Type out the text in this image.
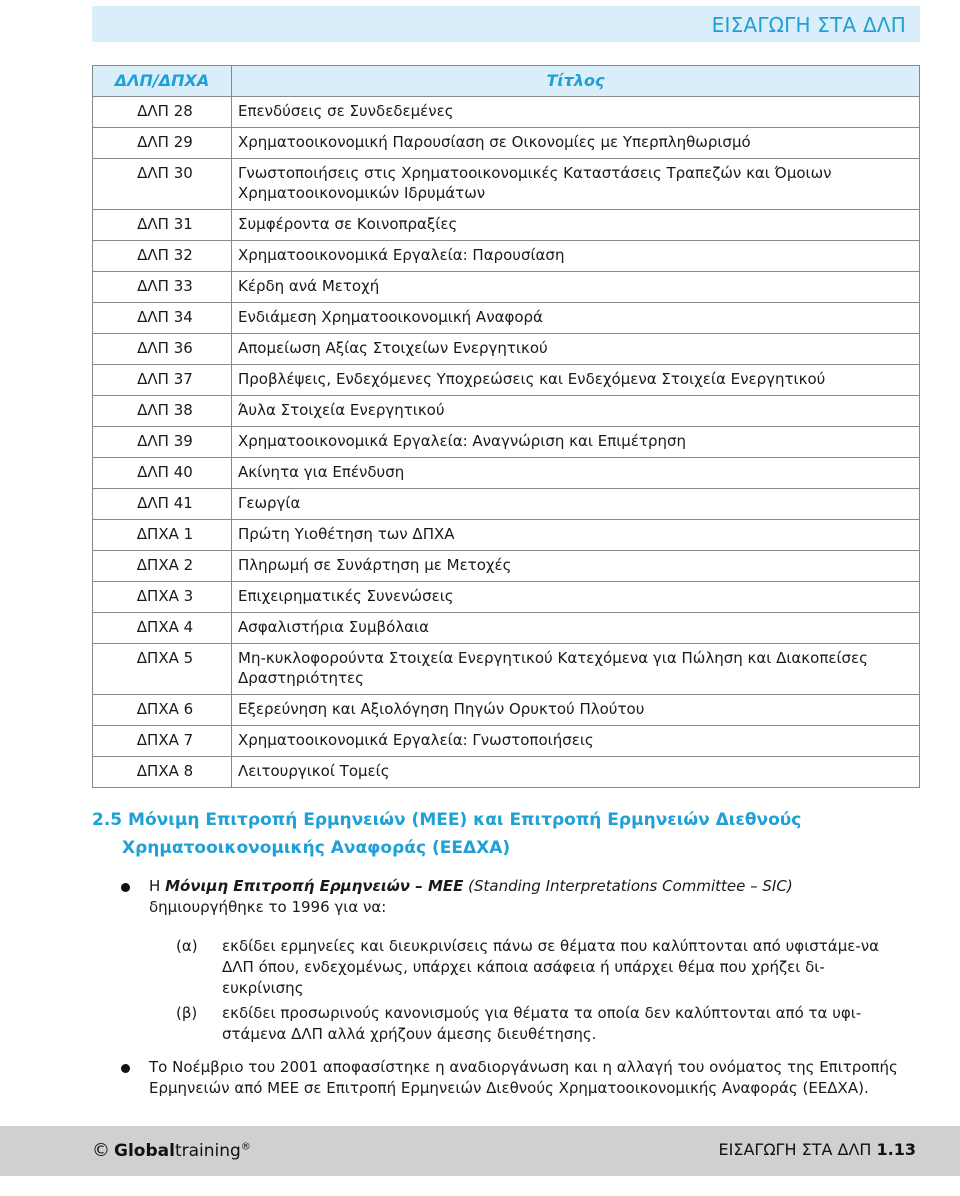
ΕΙΣΑΓΩΓΗ ΣΤΑ ΔΛΠ
ΔΛΠ/ΔΠΧΑ	Τίτλος
ΔΛΠ 28	Επενδύσεις σε Συνδεδεμένες
ΔΛΠ 29	Χρηματοοικονομική Παρουσίαση σε Οικονομίες με Υπερπληθωρισμό
ΔΛΠ 30	Γνωστοποιήσεις στις Χρηματοοικονομικές Καταστάσεις Τραπεζών και Όμοιων Χρηματοοικονομικών Ιδρυμάτων
ΔΛΠ 31	Συμφέροντα σε Κοινοπραξίες
ΔΛΠ 32	Χρηματοοικονομικά Εργαλεία: Παρουσίαση
ΔΛΠ 33	Κέρδη ανά Μετοχή
ΔΛΠ 34	Ενδιάμεση Χρηματοοικονομική Αναφορά
ΔΛΠ 36	Απομείωση Αξίας Στοιχείων Ενεργητικού
ΔΛΠ 37	Προβλέψεις, Ενδεχόμενες Υποχρεώσεις και Ενδεχόμενα Στοιχεία Ενεργητικού
ΔΛΠ 38	Άυλα Στοιχεία Ενεργητικού
ΔΛΠ 39	Χρηματοοικονομικά Εργαλεία: Αναγνώριση και Επιμέτρηση
ΔΛΠ 40	Ακίνητα για Επένδυση
ΔΛΠ 41	Γεωργία
ΔΠΧΑ 1	Πρώτη Υιοθέτηση των ΔΠΧΑ
ΔΠΧΑ 2	Πληρωμή σε Συνάρτηση με Μετοχές
ΔΠΧΑ 3	Επιχειρηματικές Συνενώσεις
ΔΠΧΑ 4	Ασφαλιστήρια Συμβόλαια
ΔΠΧΑ 5	Μη-κυκλοφορούντα Στοιχεία Ενεργητικού Κατεχόμενα για Πώληση και Διακοπείσες Δραστηριότητες
ΔΠΧΑ 6	Εξερεύνηση και Αξιολόγηση Πηγών Ορυκτού Πλούτου
ΔΠΧΑ 7	Χρηματοοικονομικά Εργαλεία: Γνωστοποιήσεις
ΔΠΧΑ 8	Λειτουργικοί Τομείς
2.5 Μόνιμη Επιτροπή Ερμηνειών (ΜΕΕ) και Επιτροπή Ερμηνειών Διεθνούς
Χρηματοοικονομικής Αναφοράς (ΕΕΔΧΑ)
Η Μόνιμη Επιτροπή Ερμηνειών – ΜΕΕ (Standing Interpretations Committee – SIC) δημιουργήθηκε το 1996 για να:
(α) εκδίδει ερμηνείες και διευκρινίσεις πάνω σε θέματα που καλύπτονται από υφιστάμε-να ΔΛΠ όπου, ενδεχομένως, υπάρχει κάποια ασάφεια ή υπάρχει θέμα που χρήζει δι-ευκρίνισης
(β) εκδίδει προσωρινούς κανονισμούς για θέματα τα οποία δεν καλύπτονται από τα υφι-στάμενα ΔΛΠ αλλά χρήζουν άμεσης διευθέτησης.
Το Νοέμβριο του 2001 αποφασίστηκε η αναδιοργάνωση και η αλλαγή του ονόματος της Επιτροπής Ερμηνειών από ΜΕΕ σε Επιτροπή Ερμηνειών Διεθνούς Χρηματοοικονομικής Αναφοράς (ΕΕΔΧΑ).
© Globaltraining®	ΕΙΣΑΓΩΓΗ ΣΤΑ ΔΛΠ 1.13
